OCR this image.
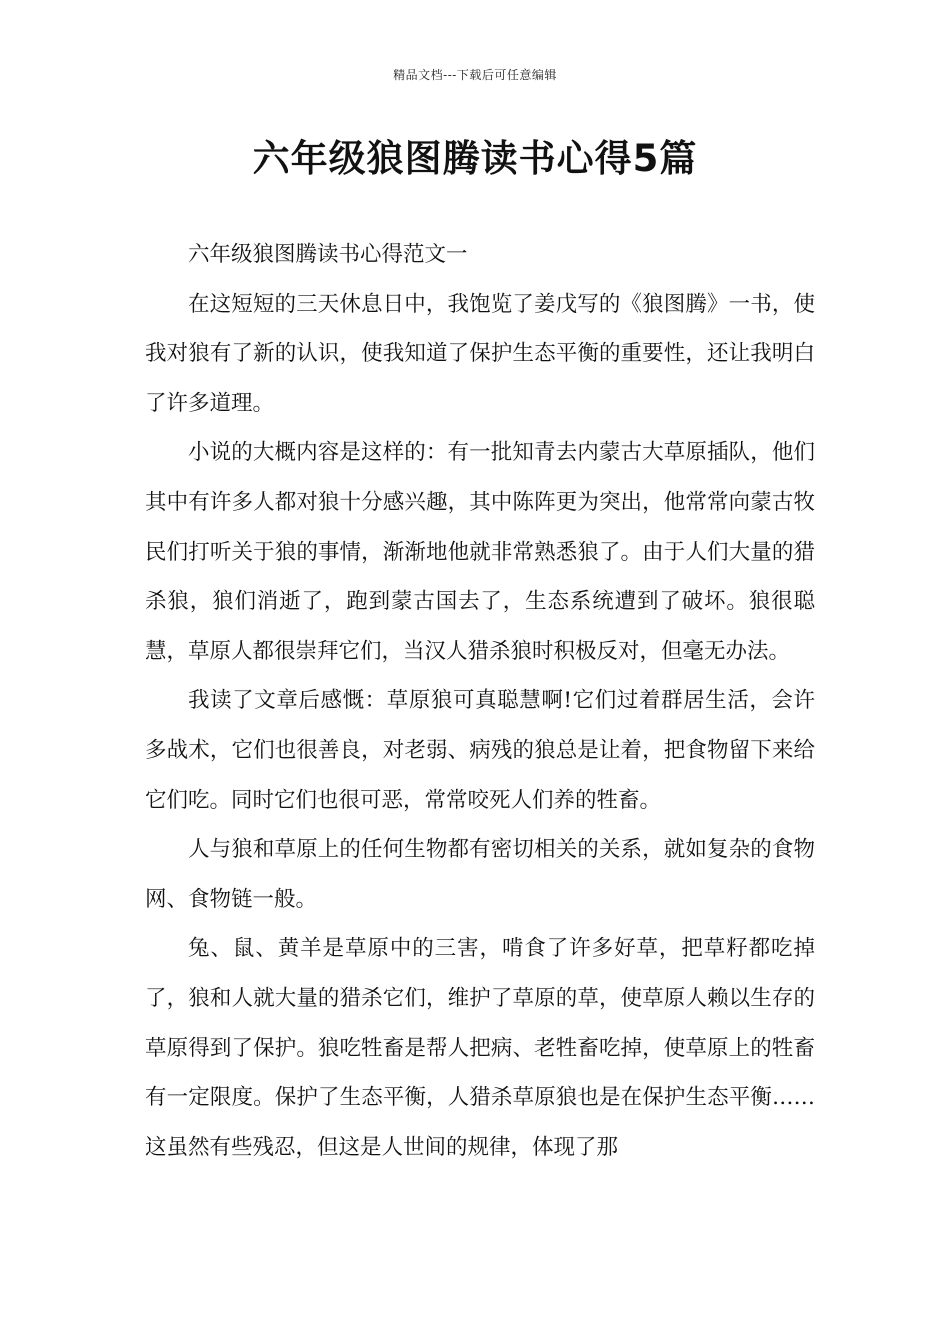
精品文档---下载后可任意编辑
六年级狼图腾读书心得5篇

六年级狼图腾读书心得范文一

在这短短的三天休息日中，我饱览了姜戊写的《狼图腾》一书，使我对狼有了新的认识，使我知道了保护生态平衡的重要性，还让我明白了许多道理。

小说的大概内容是这样的：有一批知青去内蒙古大草原插队，他们其中有许多人都对狼十分感兴趣，其中陈阵更为突出，他常常向蒙古牧民们打听关于狼的事情，渐渐地他就非常熟悉狼了。由于人们大量的猎杀狼，狼们消逝了，跑到蒙古国去了，生态系统遭到了破坏。狼很聪慧，草原人都很崇拜它们，当汉人猎杀狼时积极反对，但毫无办法。

我读了文章后感慨：草原狼可真聪慧啊!它们过着群居生活，会许多战术，它们也很善良，对老弱、病残的狼总是让着，把食物留下来给它们吃。同时它们也很可恶，常常咬死人们养的牲畜。

人与狼和草原上的任何生物都有密切相关的关系，就如复杂的食物网、食物链一般。

兔、鼠、黄羊是草原中的三害，啃食了许多好草，把草籽都吃掉了，狼和人就大量的猎杀它们，维护了草原的草，使草原人赖以生存的草原得到了保护。狼吃牲畜是帮人把病、老牲畜吃掉，使草原上的牲畜有一定限度。保护了生态平衡，人猎杀草原狼也是在保护生态平衡……这虽然有些残忍，但这是人世间的规律，体现了那
